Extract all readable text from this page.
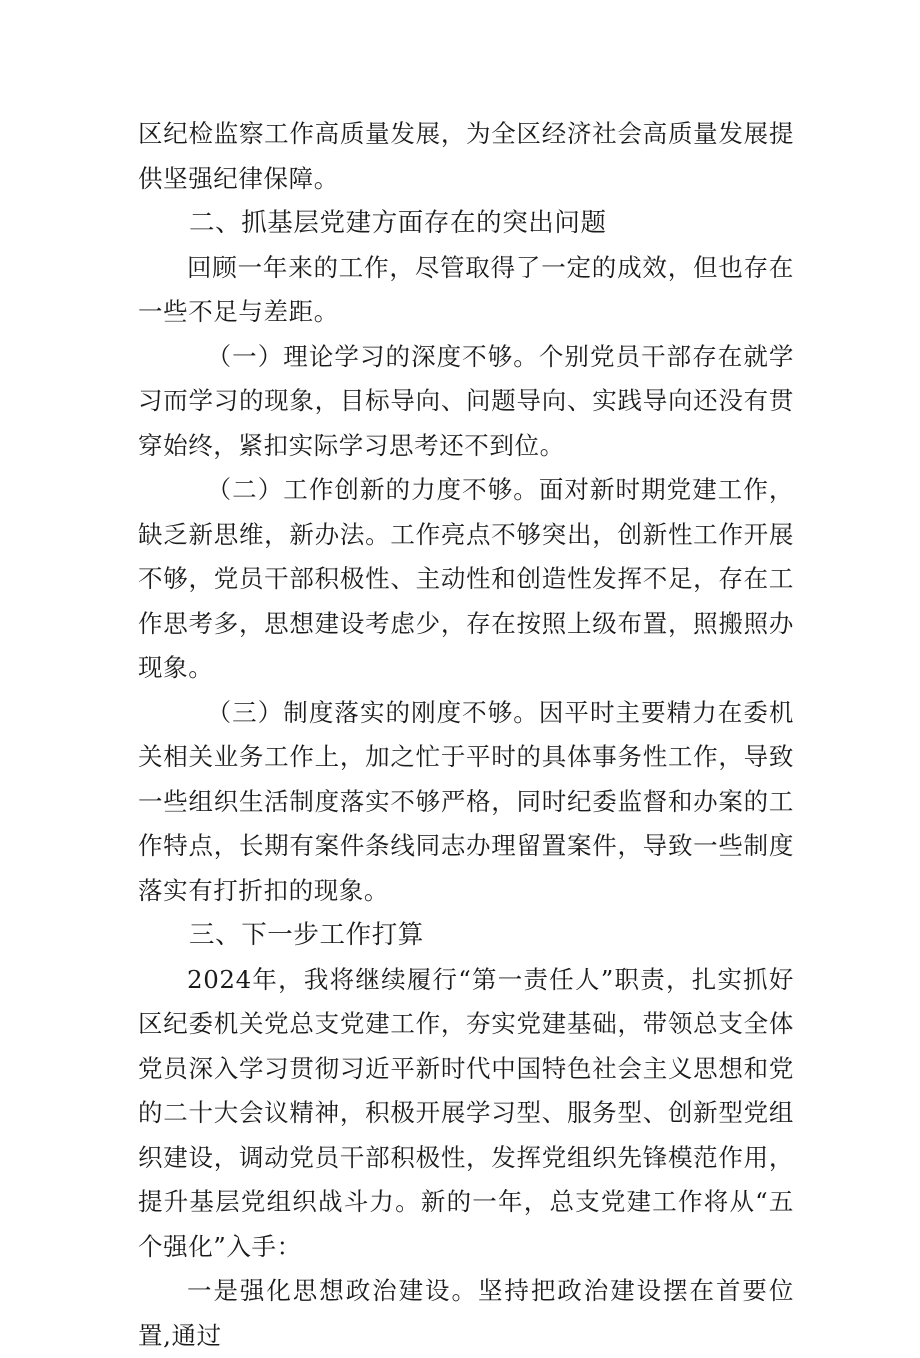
区纪检监察工作高质量发展，为全区经济社会高质量发展提供坚强纪律保障。

二、抓基层党建方面存在的突出问题

回顾一年来的工作，尽管取得了一定的成效，但也存在一些不足与差距。

（一）理论学习的深度不够。个别党员干部存在就学习而学习的现象，目标导向、问题导向、实践导向还没有贯穿始终，紧扣实际学习思考还不到位。

（二）工作创新的力度不够。面对新时期党建工作，缺乏新思维，新办法。工作亮点不够突出，创新性工作开展不够，党员干部积极性、主动性和创造性发挥不足，存在工作思考多，思想建设考虑少，存在按照上级布置，照搬照办现象。

（三）制度落实的刚度不够。因平时主要精力在委机关相关业务工作上，加之忙于平时的具体事务性工作，导致一些组织生活制度落实不够严格，同时纪委监督和办案的工作特点，长期有案件条线同志办理留置案件，导致一些制度落实有打折扣的现象。

三、下一步工作打算

2024年，我将继续履行“第一责任人”职责，扎实抓好区纪委机关党总支党建工作，夯实党建基础，带领总支全体党员深入学习贯彻习近平新时代中国特色社会主义思想和党的二十大会议精神，积极开展学习型、服务型、创新型党组织建设，调动党员干部积极性，发挥党组织先锋模范作用，提升基层党组织战斗力。新的一年，总支党建工作将从“五个强化”入手：

一是强化思想政治建设。坚持把政治建设摆在首要位置,通过
